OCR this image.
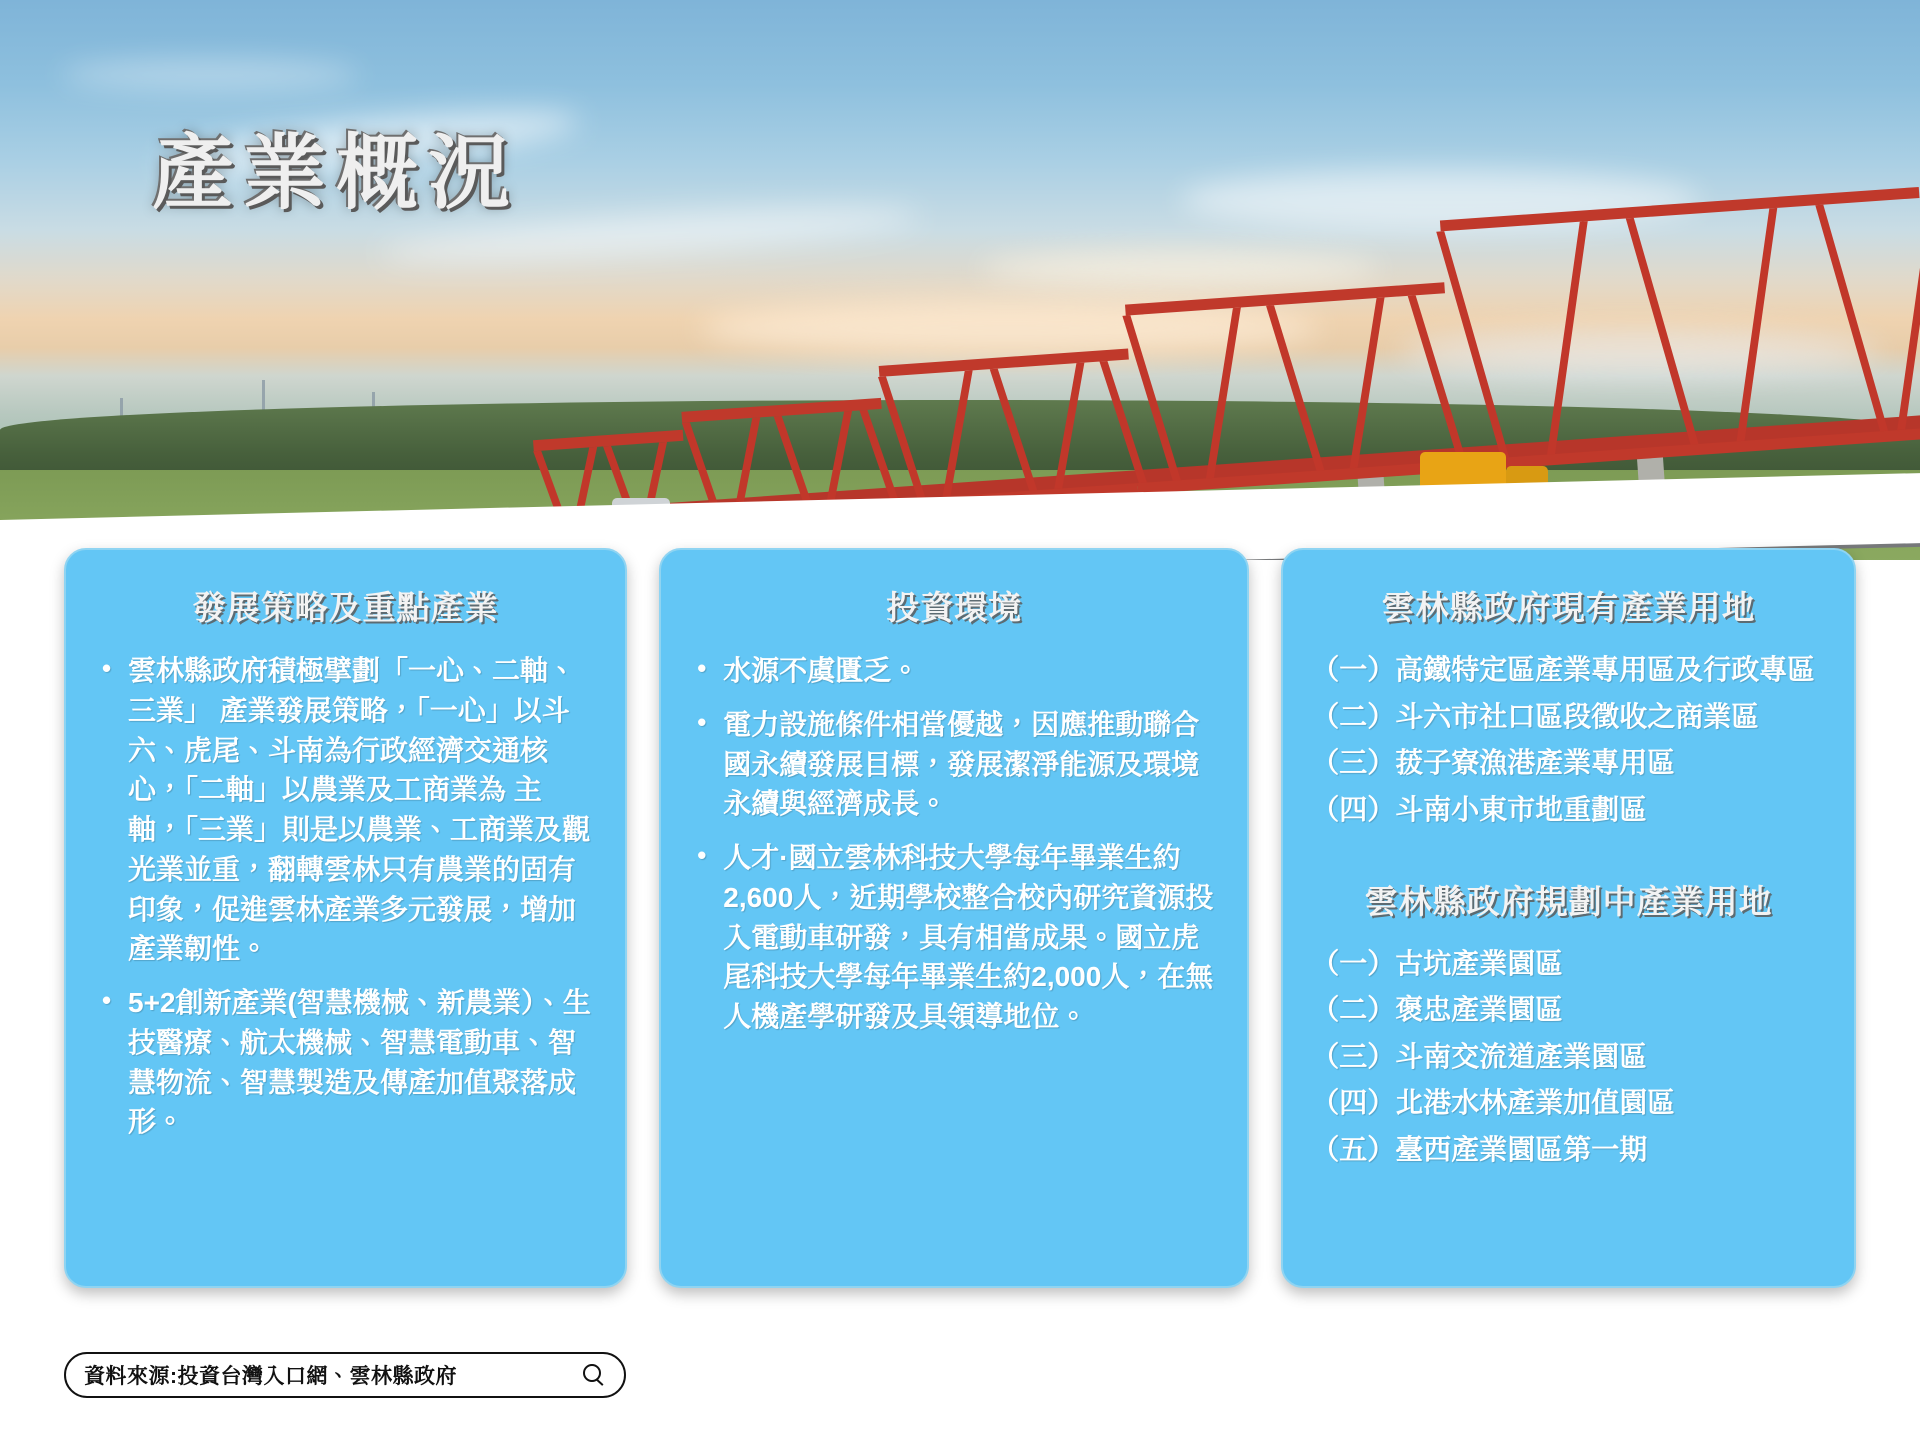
產業概況
發展策略及重點產業
• 雲林縣政府積極擘劃「一心、二軸、三業」 產業發展策略，「一心」以斗六、虎尾、斗南為行政經濟交通核心，「二軸」以農業及工商業為 主軸，「三業」則是以農業、工商業及觀光業並重，翻轉雲林只有農業的固有印象，促進雲林產業多元發展，增加產業韌性。
• 5+2創新產業(智慧機械、新農業）、生技醫療、航太機械、智慧電動車、智慧物流、智慧製造及傳產加值聚落成形。
投資環境
• 水源不虞匱乏。
• 電力設施條件相當優越，因應推動聯合國永續發展目標，發展潔淨能源及環境永續與經濟成長。
• 人才·國立雲林科技大學每年畢業生約2,600人，近期學校整合校內研究資源投入電動車研發，具有相當成果。國立虎尾科技大學每年畢業生約2,000人，在無人機產學研發及具領導地位。
雲林縣政府現有產業用地

（一）高鐵特定區產業專用區及行政專區

（二）斗六市社口區段徵收之商業區

（三）菝子寮漁港產業專用區

（四）斗南小東市地重劃區

雲林縣政府規劃中產業用地

（一）古坑產業園區

（二）褒忠產業園區

（三）斗南交流道產業園區

（四）北港水林產業加值園區

（五）臺西產業園區第一期

資料來源:投資台灣入口網、雲林縣政府
